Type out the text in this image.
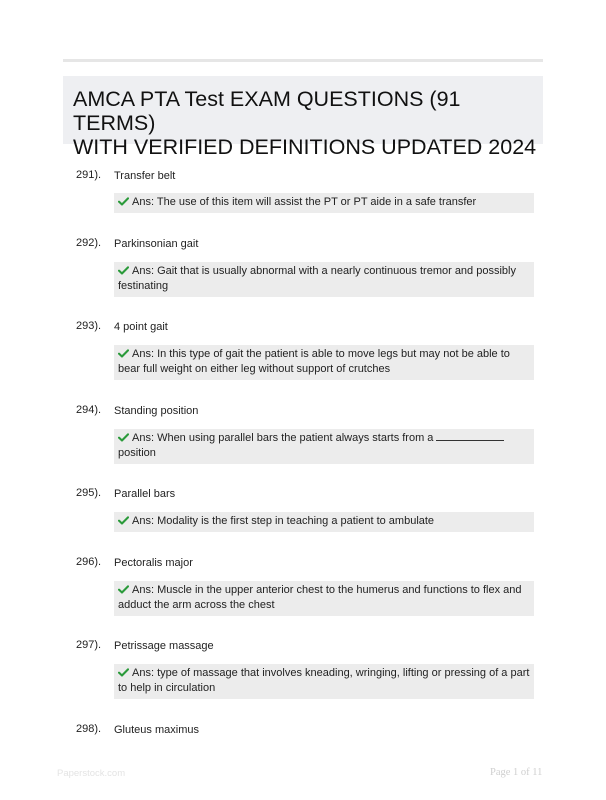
AMCA PTA Test EXAM QUESTIONS (91 TERMS)
WITH VERIFIED DEFINITIONS UPDATED 2024
291). Transfer belt
Ans: The use of this item will assist the PT or PT aide in a safe transfer
292). Parkinsonian gait
Ans: Gait that is usually abnormal with a nearly continuous tremor and possibly festinating
293). 4 point gait
Ans: In this type of gait the patient is able to move legs but may not be able to bear full weight on either leg without support of crutches
294). Standing position
Ans: When using parallel bars the patient always starts from a
position
295). Parallel bars
Ans: Modality is the first step in teaching a patient to ambulate
296). Pectoralis major
Ans: Muscle in the upper anterior chest to the humerus and functions to flex and adduct the arm across the chest
297). Petrissage massage
Ans: type of massage that involves kneading, wringing, lifting or pressing of a part to help in circulation
298). Gluteus maximus
Paperstock.com	Page 1 of 11
